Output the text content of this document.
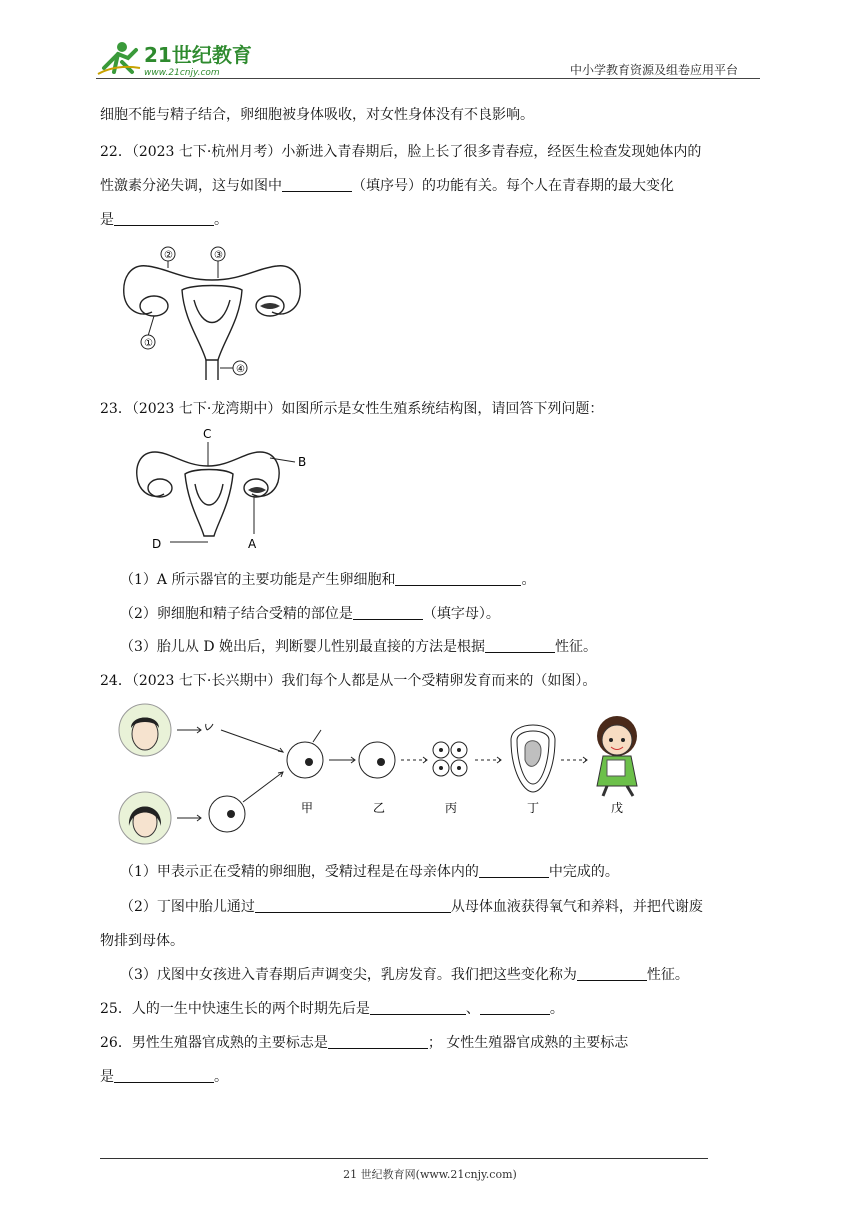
21世纪教育
www.21cnjy.com	中小学教育资源及组卷应用平台
细胞不能与精子结合，卵细胞被身体吸收，对女性身体没有不良影响。
22．（2023 七下·杭州月考）小新进入青春期后，脸上长了很多青春痘，经医生检查发现她体内的
性激素分泌失调，这与如图中	（填序号）的功能有关。每个人在青春期的最大变化
是	。
①
②	③
④
23．（2023 七下·龙湾期中）如图所示是女性生殖系统结构图，请回答下列问题：
C
B
A
D
（1）A 所示器官的主要功能是产生卵细胞和	。
（2）卵细胞和精子结合受精的部位是	（填字母）。
（3）胎儿从 D 娩出后，判断婴儿性别最直接的方法是根据	性征。
24．（2023 七下·长兴期中）我们每个人都是从一个受精卵发育而来的（如图）。
甲	乙	丙	丁	戊
（1）甲表示正在受精的卵细胞，受精过程是在母亲体内的	中完成的。
（2）丁图中胎儿通过	从母体血液获得氧气和养料，并把代谢废
物排到母体。
（3）戊图中女孩进入青春期后声调变尖，乳房发育。我们把这些变化称为	性征。
25．人的一生中快速生长的两个时期先后是	、	。
26．男性生殖器官成熟的主要标志是	； 女性生殖器官成熟的主要标志
是	。
21 世纪教育网(www.21cnjy.com)
